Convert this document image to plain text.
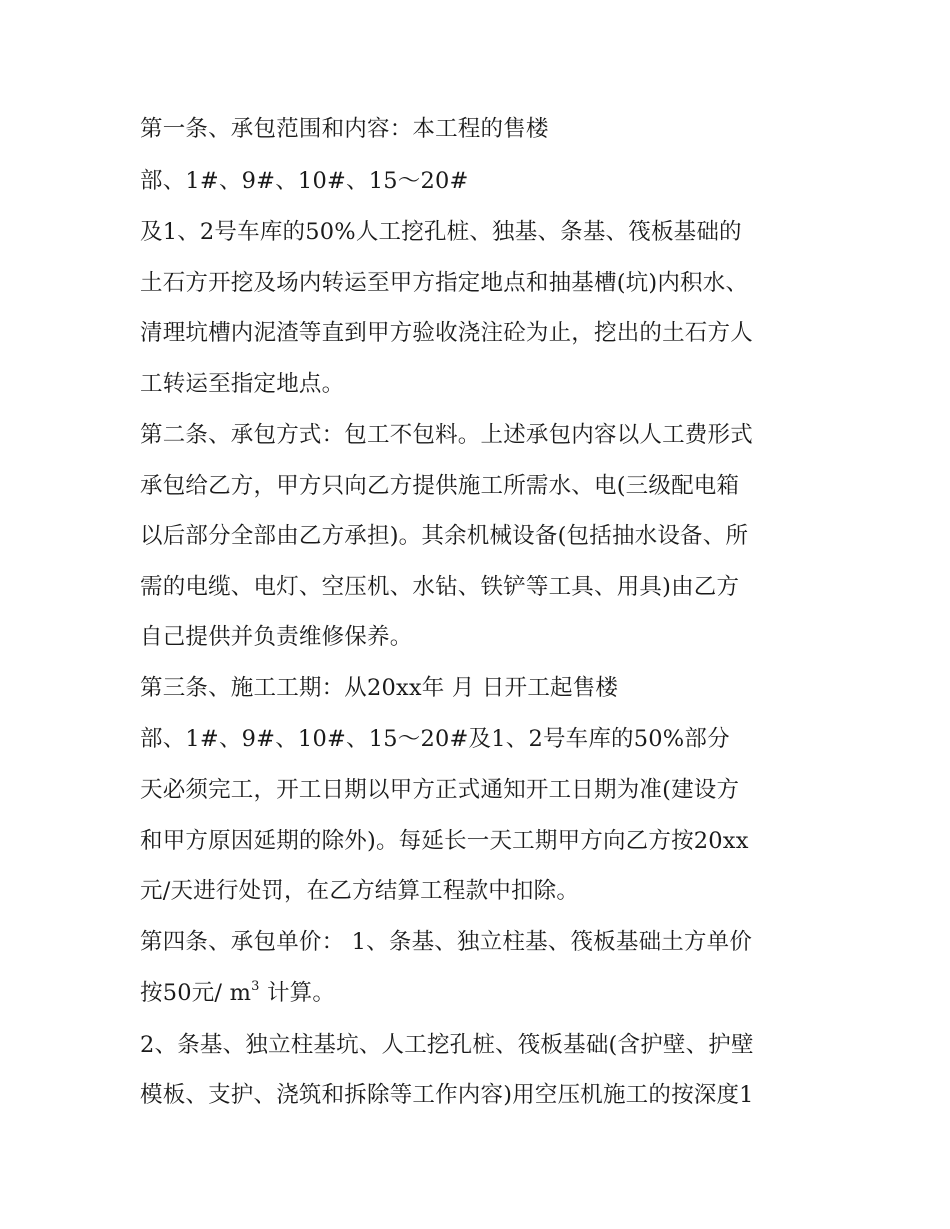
第一条、承包范围和内容：本工程的售楼

部、1#、9#、10#、15～20#

及1、2号车库的50%人工挖孔桩、独基、条基、筏板基础的

土石方开挖及场内转运至甲方指定地点和抽基槽(坑)内积水、

清理坑槽内泥渣等直到甲方验收浇注砼为止，挖出的土石方人

工转运至指定地点。

第二条、承包方式：包工不包料。上述承包内容以人工费形式

承包给乙方，甲方只向乙方提供施工所需水、电(三级配电箱

以后部分全部由乙方承担)。其余机械设备(包括抽水设备、所

需的电缆、电灯、空压机、水钻、铁铲等工具、用具)由乙方

自己提供并负责维修保养。

第三条、施工工期：从20xx年 月 日开工起售楼

部、1#、9#、10#、15～20#及1、2号车库的50%部分

天必须完工，开工日期以甲方正式通知开工日期为准(建设方

和甲方原因延期的除外)。每延长一天工期甲方向乙方按20xx

元/天进行处罚，在乙方结算工程款中扣除。

第四条、承包单价： 1、条基、独立柱基、筏板基础土方单价

按50元/ $m^3$ 计算。

2、条基、独立柱基坑、人工挖孔桩、筏板基础(含护壁、护壁

模板、支护、浇筑和拆除等工作内容)用空压机施工的按深度1
